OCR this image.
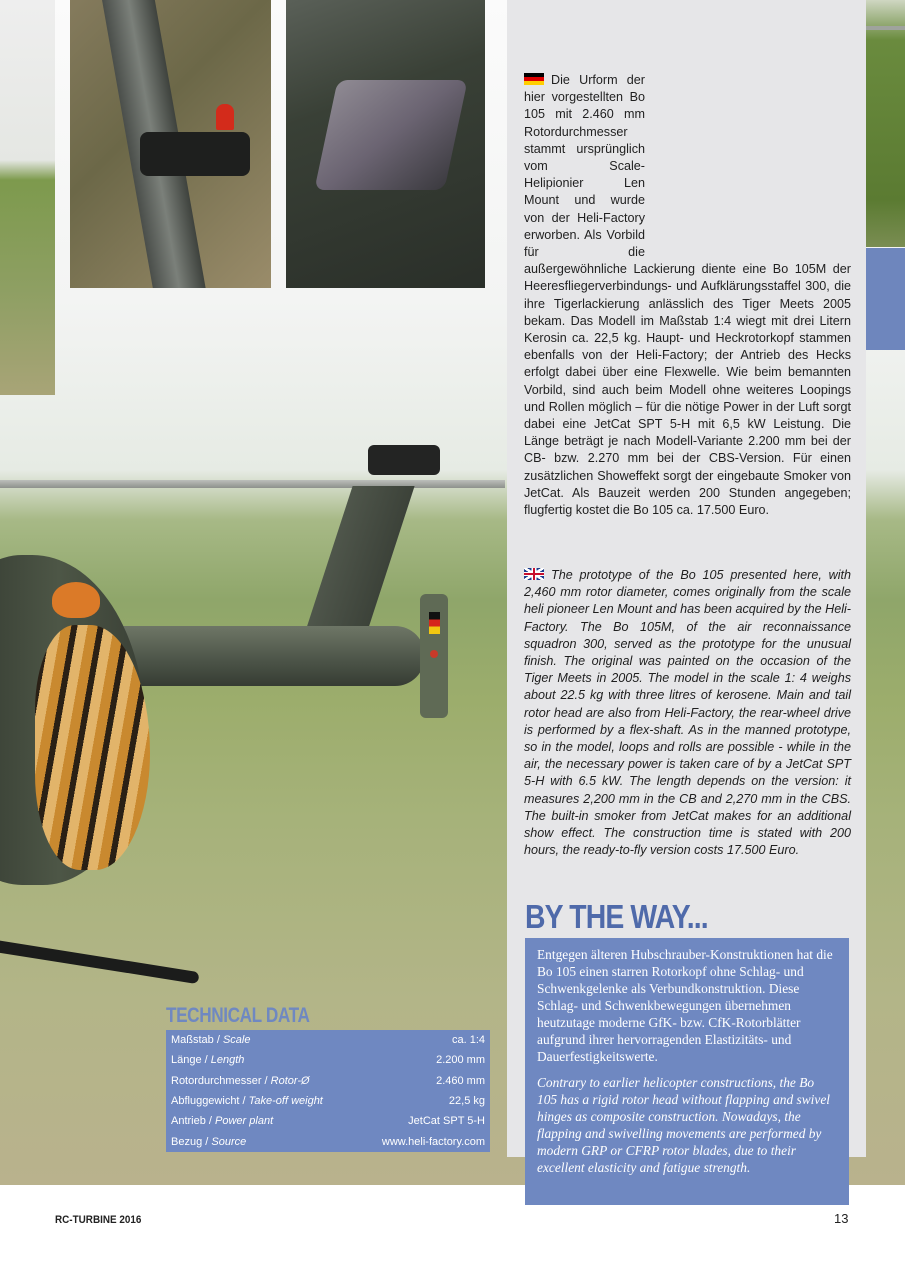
Die Urform der hier vorgestellten Bo 105 mit 2.460 mm Rotordurchmesser stammt ursprünglich vom Scale-Helipionier Len Mount und wurde von der Heli-Factory erworben. Als Vorbild für die außergewöhnliche Lackierung diente eine Bo 105M der Heeresfliegerverbindungs- und Aufklärungsstaffel 300, die ihre Tigerlackierung anlässlich des Tiger Meets 2005 bekam. Das Modell im Maßstab 1:4 wiegt mit drei Litern Kerosin ca. 22,5 kg. Haupt- und Heckrotorkopf stammen ebenfalls von der Heli-Factory; der Antrieb des Hecks erfolgt dabei über eine Flexwelle. Wie beim bemannten Vorbild, sind auch beim Modell ohne weiteres Loopings und Rollen möglich – für die nötige Power in der Luft sorgt dabei eine JetCat SPT 5-H mit 6,5 kW Leistung. Die Länge beträgt je nach Modell-Variante 2.200 mm bei der CB- bzw. 2.270 mm bei der CBS-Version. Für einen zusätzlichen Showeffekt sorgt der eingebaute Smoker von JetCat. Als Bauzeit werden 200 Stunden angegeben; flugfertig kostet die Bo 105 ca. 17.500 Euro.

The prototype of the Bo 105 presented here, with 2,460 mm rotor diameter, comes originally from the scale heli pioneer Len Mount and has been acquired by the Heli-Factory. The Bo 105M, of the air reconnaissance squadron 300, served as the prototype for the unusual finish. The original was painted on the occasion of the Tiger Meets in 2005. The model in the scale 1: 4 weighs about 22.5 kg with three litres of kerosene. Main and tail rotor head are also from Heli-Factory, the rear-wheel drive is performed by a flex-shaft. As in the manned prototype, so in the model, loops and rolls are possible - while in the air, the necessary power is taken care of by a JetCat SPT 5-H with 6.5 kW. The length depends on the version: it measures 2,200 mm in the CB and 2,270 mm in the CBS. The built-in smoker from JetCat makes for an additional show effect. The construction time is stated with 200 hours, the ready-to-fly version costs 17.500 Euro.

BY THE WAY...

Entgegen älteren Hubschrauber-Konstruktionen hat die Bo 105 einen starren Rotorkopf ohne Schlag- und Schwenkgelenke als Verbundkonstruktion. Diese Schlag- und Schwenkbewegungen übernehmen heutzutage moderne GfK- bzw. CfK-Rotorblätter aufgrund ihrer hervorragenden Elastizitäts- und Dauerfestigkeitswerte.

Contrary to earlier helicopter constructions, the Bo 105 has a rigid rotor head without flapping and swivel hinges as composite construction. Nowadays, the flapping and swivelling movements are performed by modern GRP or CFRP rotor blades, due to their excellent elasticity and fatigue strength.

TECHNICAL DATA
Maßstab / Scale	ca. 1:4
Länge / Length	2.200 mm
Rotordurchmesser / Rotor-Ø	2.460 mm
Abfluggewicht / Take-off weight	22,5 kg
Antrieb / Power plant	JetCat SPT 5-H
Bezug / Source	www.heli-factory.com
RC-TURBINE 2016	13
